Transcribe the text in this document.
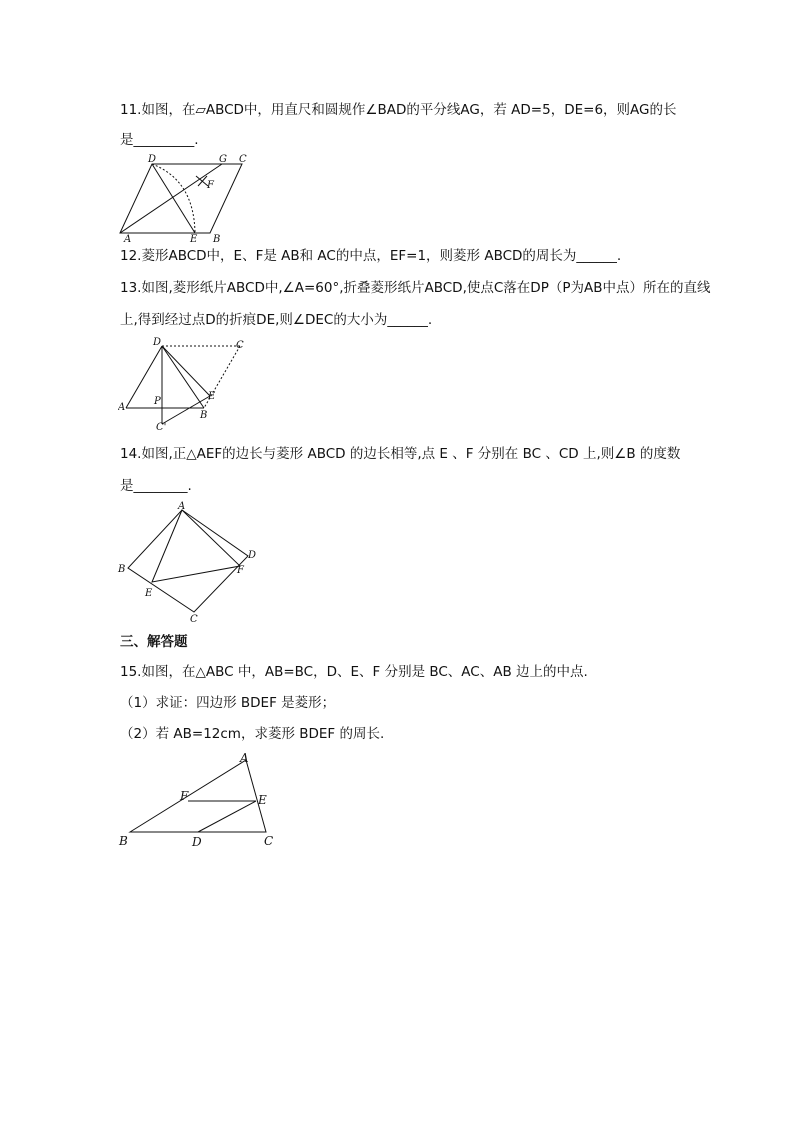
11.如图，在▱ABCD中，用直尺和圆规作∠BAD的平分线AG，若 AD=5，DE=6，则AG的长
是_________.
D	G C
F
A	E B
12.菱形ABCD中，E、F是 AB和 AC的中点，EF=1，则菱形 ABCD的周长为______.
13.如图,菱形纸片ABCD中,∠A=60°,折叠菱形纸片ABCD,使点C落在DP（P为AB中点）所在的直线
上,得到经过点D的折痕DE,则∠DEC的大小为______.
D	C
A
P
B
E
C'
14.如图,正△AEF的边长与菱形 ABCD 的边长相等,点 E 、F 分别在 BC 、CD 上,则∠B 的度数
是________.
A
B
D
F
E
C
三、解答题
15.如图，在△ABC 中，AB=BC，D、E、F 分别是 BC、AC、AB 边上的中点.
（1）求证：四边形 BDEF 是菱形；
（2）若 AB=12cm，求菱形 BDEF 的周长.
A
F	E
B	D	C
